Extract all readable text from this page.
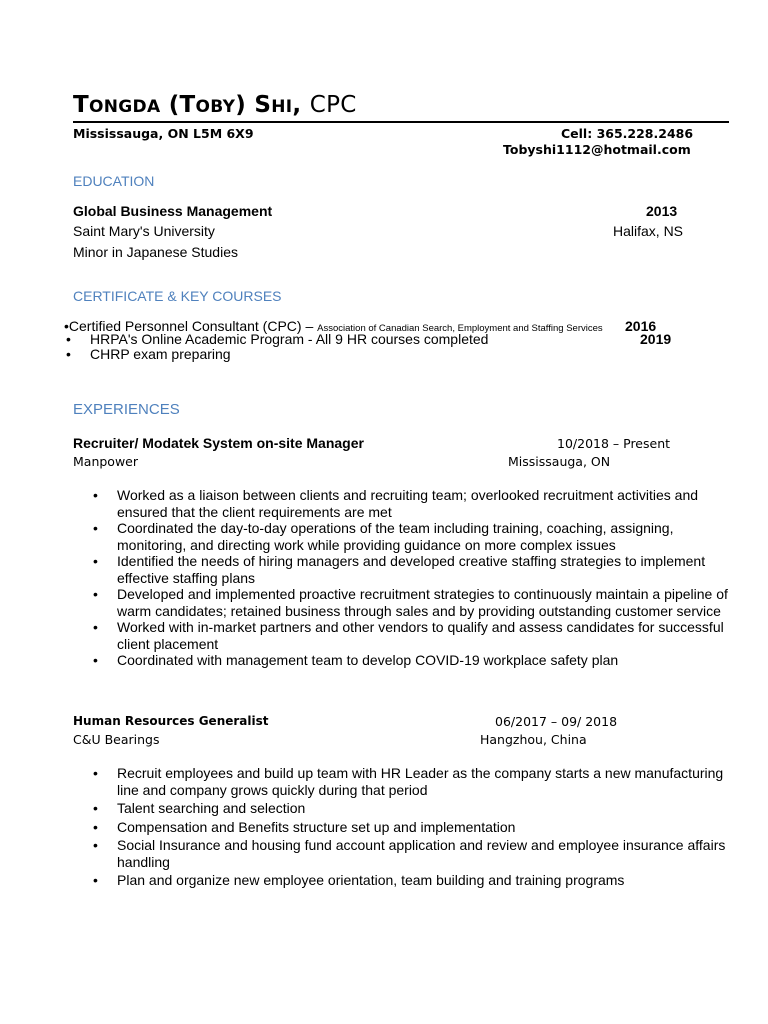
TONGDA (TOBY) SHI, CPC
Mississauga, ON L5M 6X9	Cell: 365.228.2486
Tobyshi1112@hotmail.com
EDUCATION
Global Business Management	2013
Saint Mary's University	Halifax, NS
Minor in Japanese Studies
CERTIFICATE & KEY COURSES
•Certified Personnel Consultant (CPC) – Association of Canadian Search, Employment and Staffing Services 2016
• HRPA's Online Academic Program - All 9 HR courses completed	2019
• CHRP exam preparing
EXPERIENCES
Recruiter/ Modatek System on-site Manager	10/2018 – Present
Manpower	Mississauga, ON
• Worked as a liaison between clients and recruiting team; overlooked recruitment activities and
ensured that the client requirements are met
• Coordinated the day-to-day operations of the team including training, coaching, assigning,
monitoring, and directing work while providing guidance on more complex issues
• Identified the needs of hiring managers and developed creative staffing strategies to implement
effective staffing plans
• Developed and implemented proactive recruitment strategies to continuously maintain a pipeline of
warm candidates; retained business through sales and by providing outstanding customer service
• Worked with in-market partners and other vendors to qualify and assess candidates for successful
client placement
• Coordinated with management team to develop COVID-19 workplace safety plan
Human Resources Generalist	06/2017 – 09/ 2018
C&U Bearings	Hangzhou, China
• Recruit employees and build up team with HR Leader as the company starts a new manufacturing
line and company grows quickly during that period
• Talent searching and selection
• Compensation and Benefits structure set up and implementation
• Social Insurance and housing fund account application and review and employee insurance affairs
handling
• Plan and organize new employee orientation, team building and training programs
